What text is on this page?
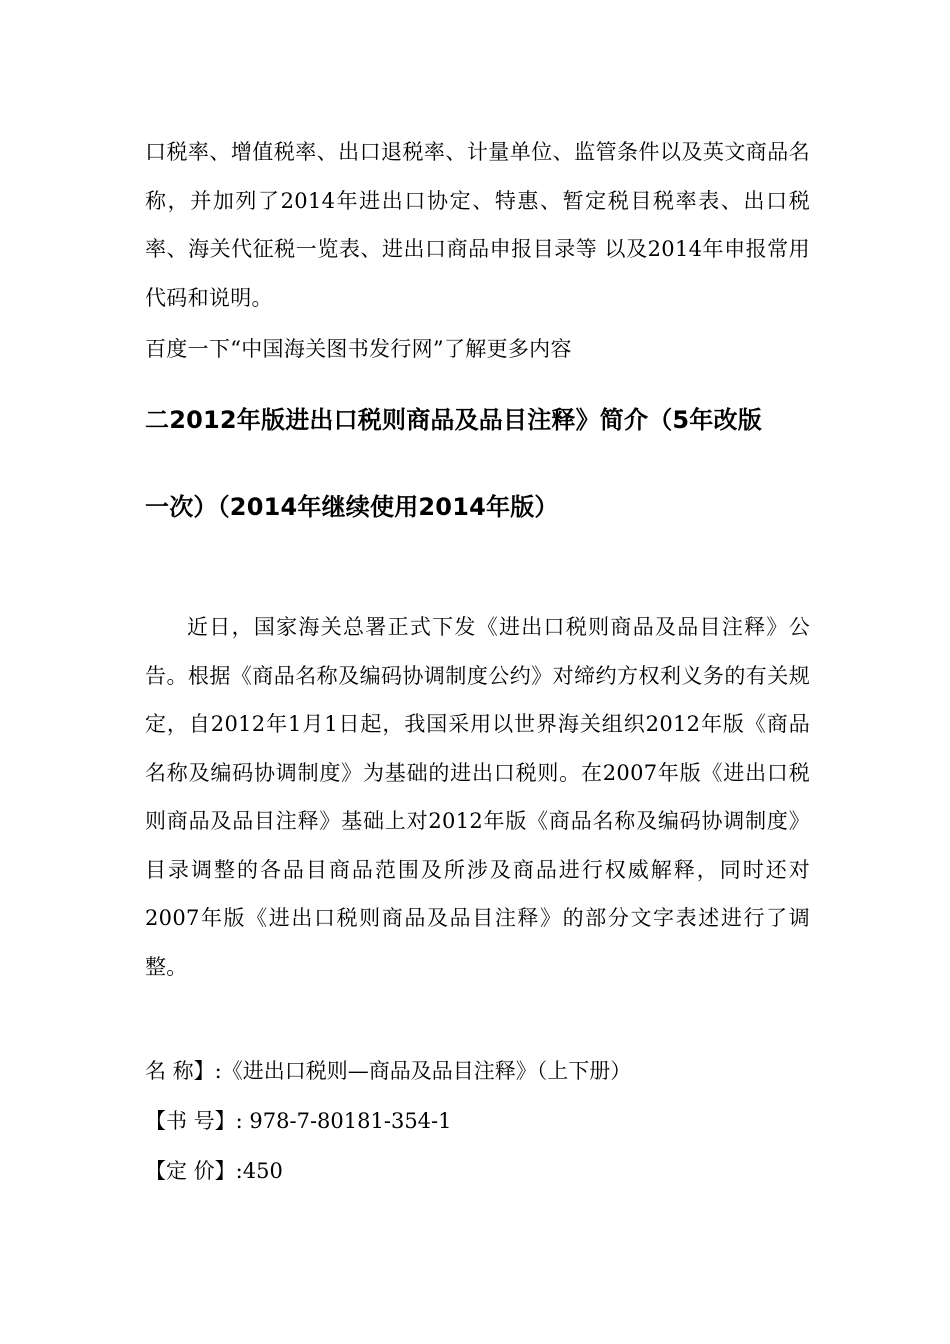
口税率、增值税率、出口退税率、计量单位、监管条件以及英文商品名称，并加列了2014年进出口协定、特惠、暂定税目税率表、出口税率、海关代征税一览表、进出口商品申报目录等 以及2014年申报常用代码和说明。

百度一下“中国海关图书发行网”了解更多内容

二2012年版进出口税则商品及品目注释》简介（5年改版
一次）（2014年继续使用2014年版）

近日，国家海关总署正式下发《进出口税则商品及品目注释》公告。根据《商品名称及编码协调制度公约》对缔约方权利义务的有关规定，自2012年1月1日起，我国采用以世界海关组织2012年版《商品名称及编码协调制度》为基础的进出口税则。在2007年版《进出口税则商品及品目注释》基础上对2012年版《商品名称及编码协调制度》目录调整的各品目商品范围及所涉及商品进行权威解释，同时还对2007年版《进出口税则商品及品目注释》的部分文字表述进行了调整。

名 称】:《进出口税则—商品及品目注释》（上下册）

【书 号】: 978-7-80181-354-1

【定 价】:450
